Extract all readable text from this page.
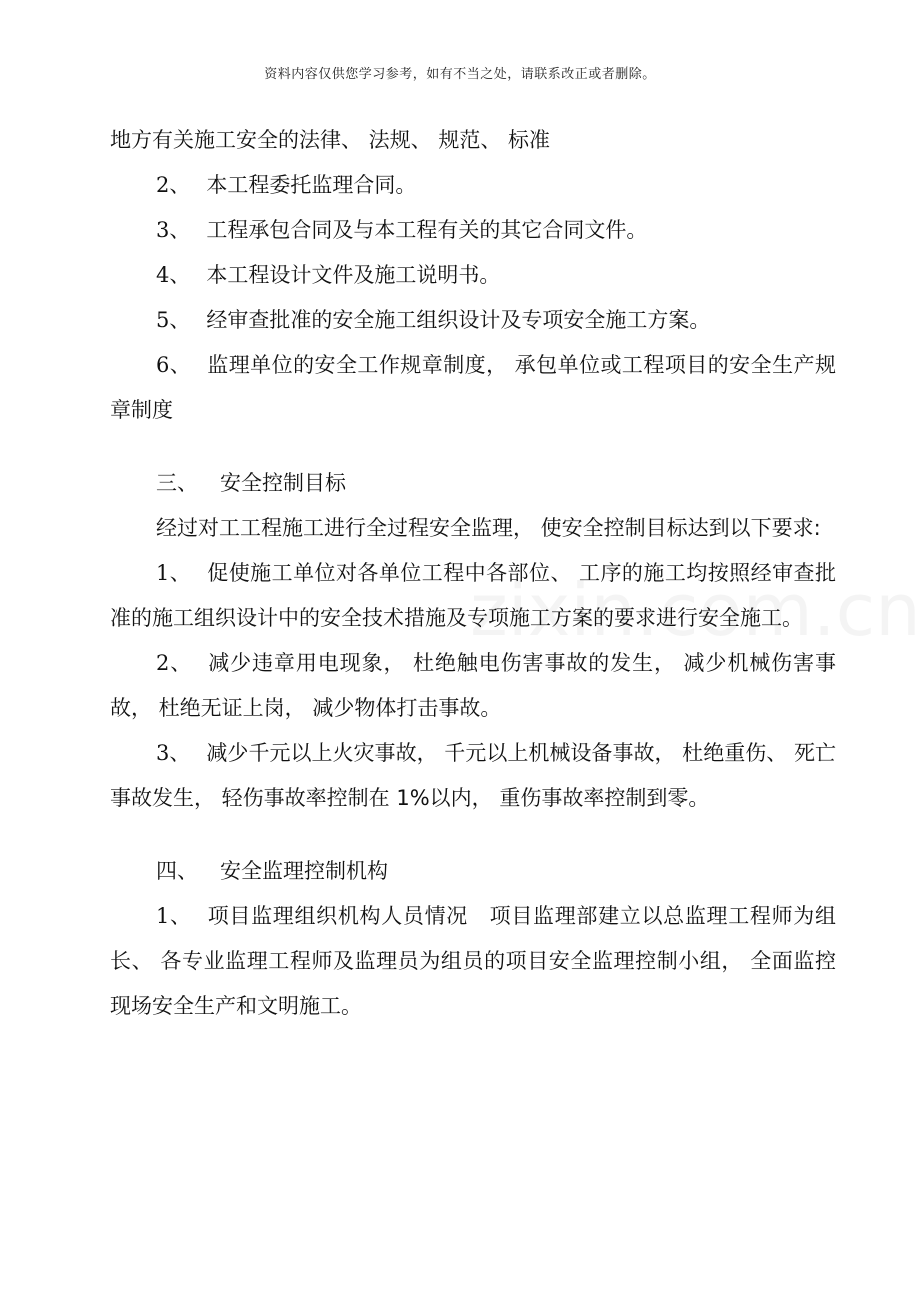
资料内容仅供您学习参考，如有不当之处，请联系改正或者删除。

地方有关施工安全的法律、 法规、 规范、 标准

2、 本工程委托监理合同。

3、 工程承包合同及与本工程有关的其它合同文件。

4、 本工程设计文件及施工说明书。

5、 经审查批准的安全施工组织设计及专项安全施工方案。

6、 监理单位的安全工作规章制度， 承包单位或工程项目的安全生产规章制度

三、 安全控制目标

经过对工工程施工进行全过程安全监理， 使安全控制目标达到以下要求:

1、 促使施工单位对各单位工程中各部位、 工序的施工均按照经审查批准的施工组织设计中的安全技术措施及专项施工方案的要求进行安全施工。

2、 减少违章用电现象， 杜绝触电伤害事故的发生， 减少机械伤害事故， 杜绝无证上岗， 减少物体打击事故。

3、 减少千元以上火灾事故， 千元以上机械设备事故， 杜绝重伤、 死亡事故发生， 轻伤事故率控制在 1%以内， 重伤事故率控制到零。

四、 安全监理控制机构

1、 项目监理组织机构人员情况　项目监理部建立以总监理工程师为组长、 各专业监理工程师及监理员为组员的项目安全监理控制小组， 全面监控现场安全生产和文明施工。
